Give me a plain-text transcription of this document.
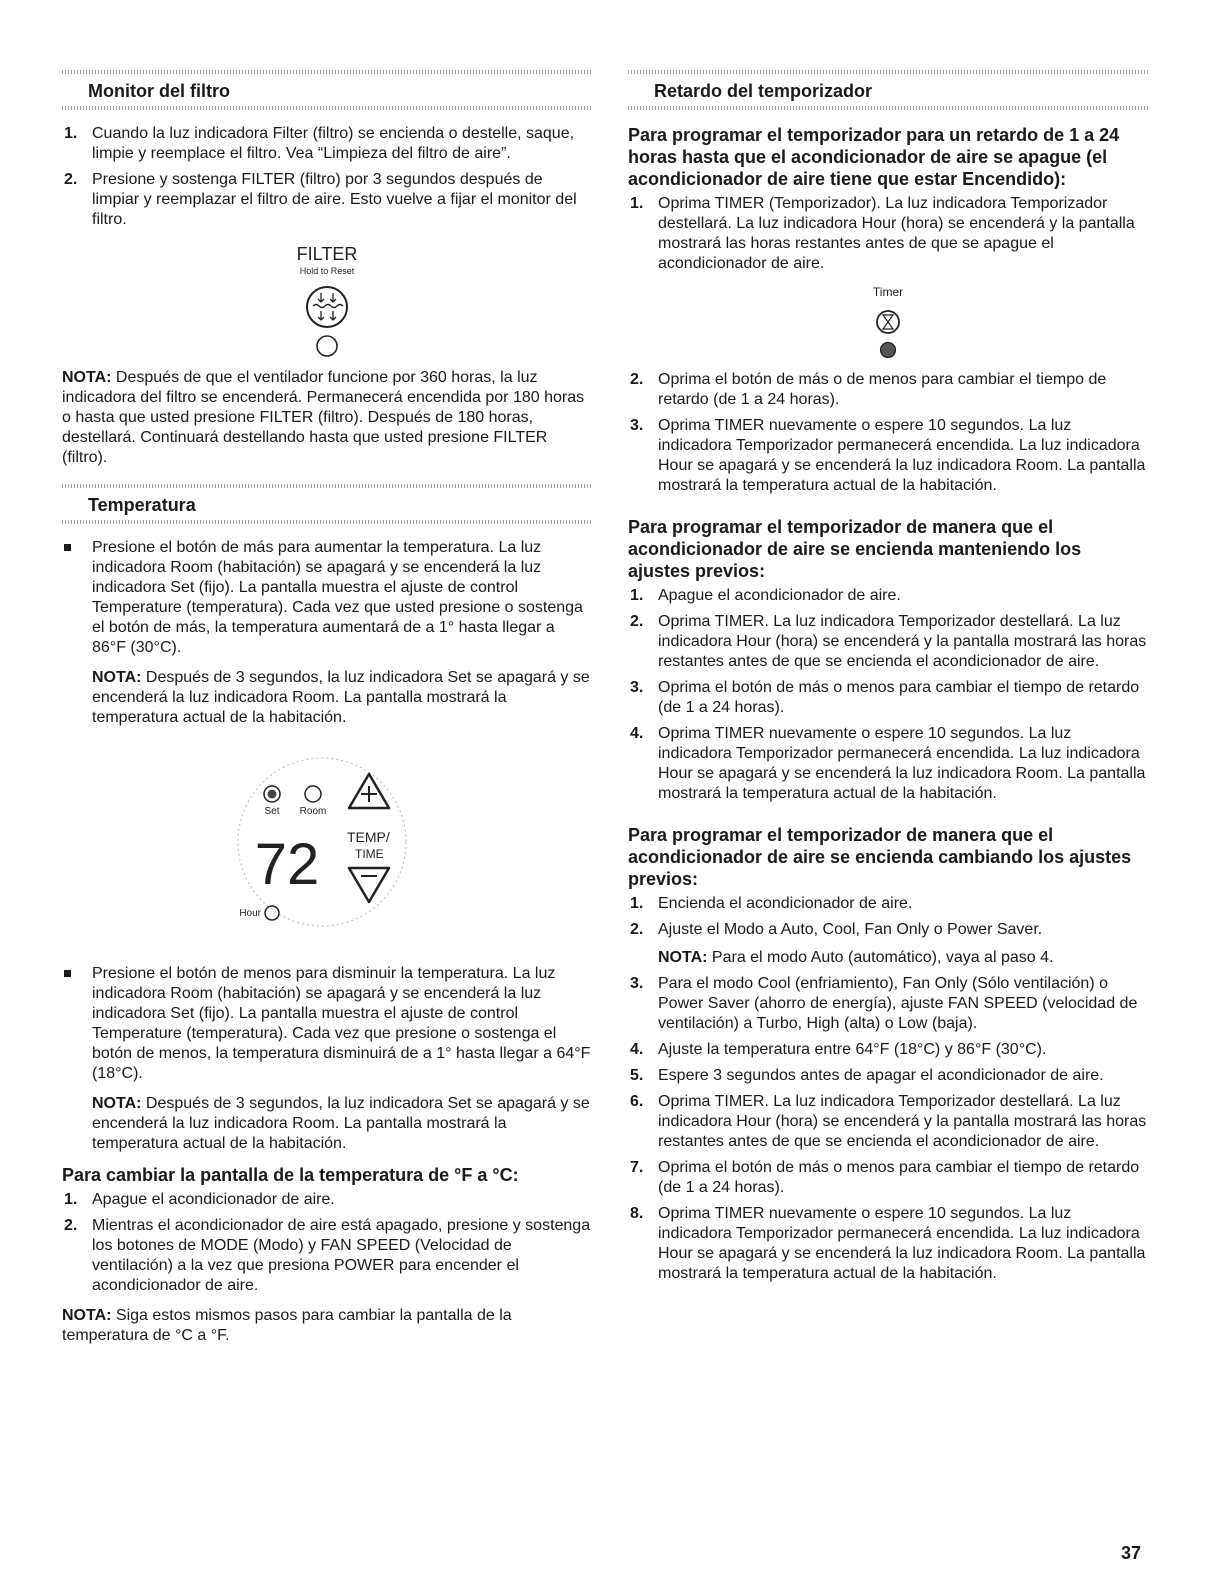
Monitor del filtro
1. Cuando la luz indicadora Filter (filtro) se encienda o destelle, saque, limpie y reemplace el filtro. Vea “Limpieza del filtro de aire”.
2. Presione y sostenga FILTER (filtro) por 3 segundos después de limpiar y reemplazar el filtro de aire. Esto vuelve a fijar el monitor del filtro.
FILTER
Hold to Reset

NOTA: Después de que el ventilador funcione por 360 horas, la luz indicadora del filtro se encenderá. Permanecerá encendida por 180 horas o hasta que usted presione FILTER (filtro). Después de 180 horas, destellará. Continuará destellando hasta que usted presione FILTER (filtro).

Temperatura
Presione el botón de más para aumentar la temperatura. La luz indicadora Room (habitación) se apagará y se encenderá la luz indicadora Set (fijo). La pantalla muestra el ajuste de control Temperature (temperatura). Cada vez que usted presione o sostenga el botón de más, la temperatura aumentará de a 1° hasta llegar a 86°F (30°C).

NOTA: Después de 3 segundos, la luz indicadora Set se apagará y se encenderá la luz indicadora Room. La pantalla mostrará la temperatura actual de la habitación.

Set Room
72 TEMP/
TIME
Hour
Presione el botón de menos para disminuir la temperatura. La luz indicadora Room (habitación) se apagará y se encenderá la luz indicadora Set (fijo). La pantalla muestra el ajuste de control Temperature (temperatura). Cada vez que presione o sostenga el botón de menos, la temperatura disminuirá de a 1° hasta llegar a 64°F (18°C).

NOTA: Después de 3 segundos, la luz indicadora Set se apagará y se encenderá la luz indicadora Room. La pantalla mostrará la temperatura actual de la habitación.

Para cambiar la pantalla de la temperatura de °F a °C:
1. Apague el acondicionador de aire.
2. Mientras el acondicionador de aire está apagado, presione y sostenga los botones de MODE (Modo) y FAN SPEED (Velocidad de ventilación) a la vez que presiona POWER para encender el acondicionador de aire.

NOTA: Siga estos mismos pasos para cambiar la pantalla de la temperatura de °C a °F.

Retardo del temporizador
Para programar el temporizador para un retardo de 1 a 24 horas hasta que el acondicionador de aire se apague (el acondicionador de aire tiene que estar Encendido):
1. Oprima TIMER (Temporizador). La luz indicadora Temporizador destellará. La luz indicadora Hour (hora) se encenderá y la pantalla mostrará las horas restantes antes de que se apague el acondicionador de aire.
Timer
2. Oprima el botón de más o de menos para cambiar el tiempo de retardo (de 1 a 24 horas).
3. Oprima TIMER nuevamente o espere 10 segundos. La luz indicadora Temporizador permanecerá encendida. La luz indicadora Hour se apagará y se encenderá la luz indicadora Room. La pantalla mostrará la temperatura actual de la habitación.
Para programar el temporizador de manera que el acondicionador de aire se encienda manteniendo los ajustes previos:
1. Apague el acondicionador de aire.
2. Oprima TIMER. La luz indicadora Temporizador destellará. La luz indicadora Hour (hora) se encenderá y la pantalla mostrará las horas restantes antes de que se encienda el acondicionador de aire.
3. Oprima el botón de más o menos para cambiar el tiempo de retardo (de 1 a 24 horas).
4. Oprima TIMER nuevamente o espere 10 segundos. La luz indicadora Temporizador permanecerá encendida. La luz indicadora Hour se apagará y se encenderá la luz indicadora Room. La pantalla mostrará la temperatura actual de la habitación.
Para programar el temporizador de manera que el acondicionador de aire se encienda cambiando los ajustes previos:
1. Encienda el acondicionador de aire.
2. Ajuste el Modo a Auto, Cool, Fan Only o Power Saver.
NOTA: Para el modo Auto (automático), vaya al paso 4.
3. Para el modo Cool (enfriamiento), Fan Only (Sólo ventilación) o Power Saver (ahorro de energía), ajuste FAN SPEED (velocidad de ventilación) a Turbo, High (alta) o Low (baja).
4. Ajuste la temperatura entre 64°F (18°C) y 86°F (30°C).
5. Espere 3 segundos antes de apagar el acondicionador de aire.
6. Oprima TIMER. La luz indicadora Temporizador destellará. La luz indicadora Hour (hora) se encenderá y la pantalla mostrará las horas restantes antes de que se encienda el acondicionador de aire.
7. Oprima el botón de más o menos para cambiar el tiempo de retardo (de 1 a 24 horas).
8. Oprima TIMER nuevamente o espere 10 segundos. La luz indicadora Temporizador permanecerá encendida. La luz indicadora Hour se apagará y se encenderá la luz indicadora Room. La pantalla mostrará la temperatura actual de la habitación.
37
